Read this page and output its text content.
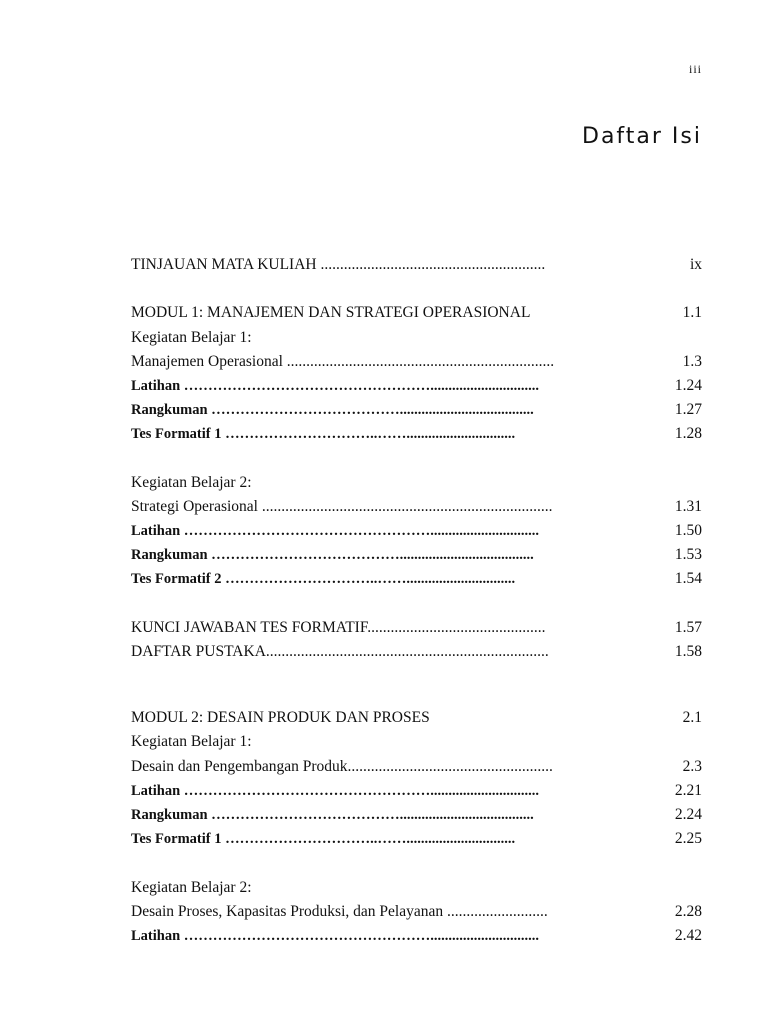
iii
Daftar Isi
TINJAUAN MATA KULIAH ..........................................................	ix
MODUL 1: MANAJEMEN DAN STRATEGI OPERASIONAL	1.1
Kegiatan Belajar 1:
Manajemen Operasional .....................................................................	1.3
Latihan ……………………………………………..............................	1.24
Rangkuman ………………………………….....................................	1.27
Tes Formatif 1 …………………………..……..............................	1.28
Kegiatan Belajar 2:
Strategi Operasional ...........................................................................	1.31
Latihan ……………………………………………..............................	1.50
Rangkuman ………………………………….....................................	1.53
Tes Formatif 2 …………………………..……..............................	1.54
KUNCI JAWABAN TES FORMATIF..............................................	1.57
DAFTAR PUSTAKA.........................................................................	1.58
MODUL 2: DESAIN PRODUK DAN PROSES	2.1
Kegiatan Belajar 1:
Desain dan Pengembangan Produk.....................................................	2.3
Latihan ……………………………………………..............................	2.21
Rangkuman ………………………………….....................................	2.24
Tes Formatif 1 …………………………..……..............................	2.25
Kegiatan Belajar 2:
Desain Proses, Kapasitas Produksi, dan Pelayanan ..........................	2.28
Latihan ……………………………………………..............................	2.42
